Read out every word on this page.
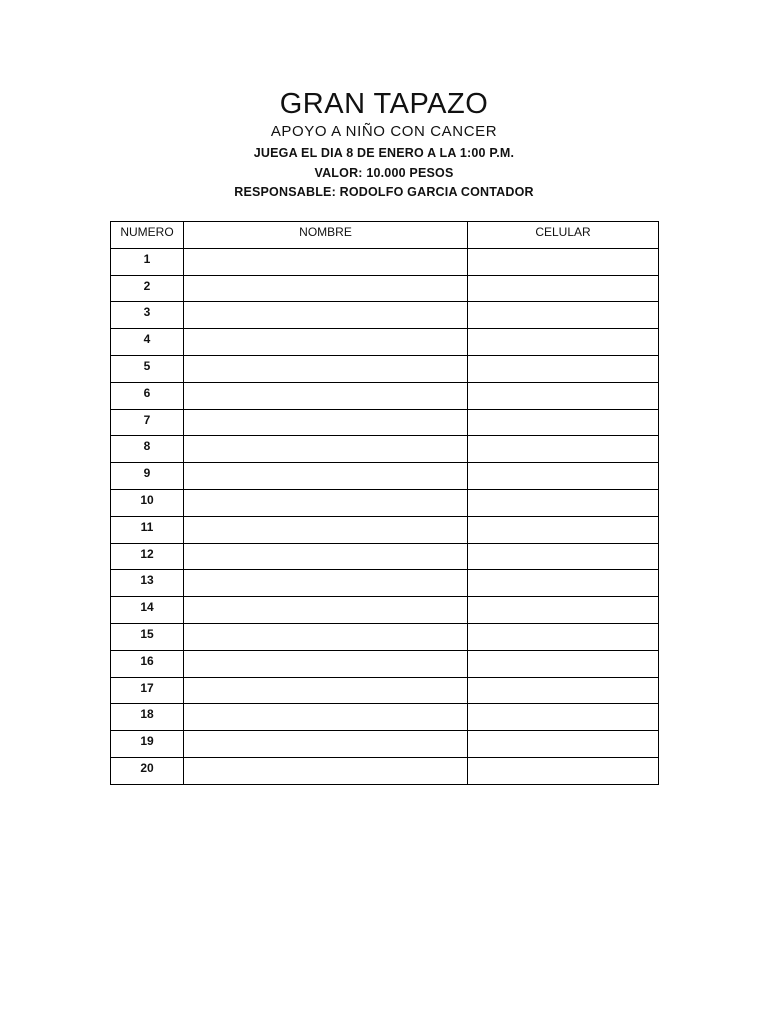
GRAN TAPAZO

APOYO A NIÑO CON CANCER

JUEGA EL DIA 8 DE ENERO A LA 1:00 P.M.

VALOR: 10.000 PESOS

RESPONSABLE: RODOLFO GARCIA CONTADOR

NUMERO	NOMBRE	CELULAR
1		
2		
3		
4		
5		
6		
7		
8		
9		
10		
11		
12		
13		
14		
15		
16		
17		
18		
19		
20		
